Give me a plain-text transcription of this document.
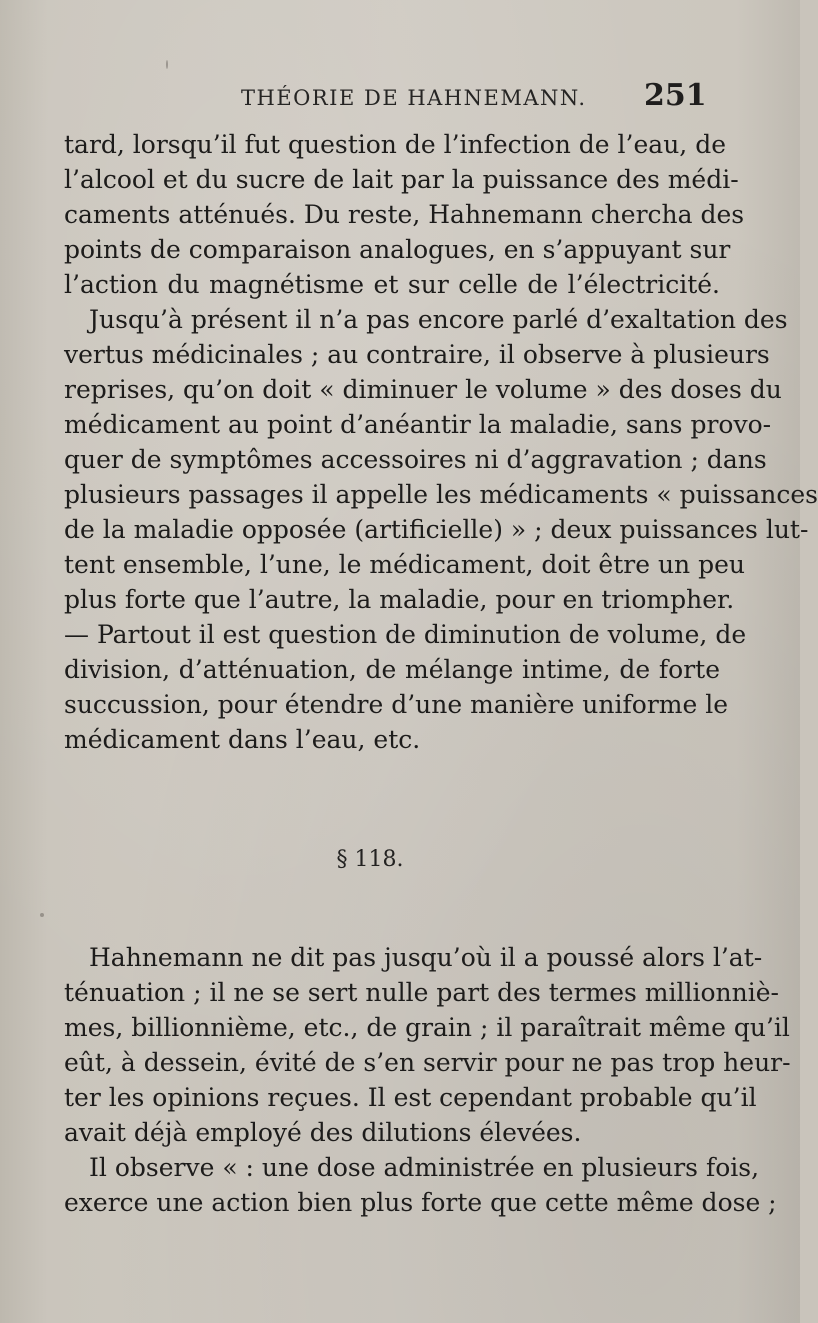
THÉORIE DE HAHNEMANN. 251
tard, lorsqu’il fut question de l’infection de l’eau, de
l’alcool et du sucre de lait par la puissance des médi-
caments atténués. Du reste, Hahnemann chercha des
points de comparaison analogues, en s’appuyant sur
l’action du magnétisme et sur celle de l’électricité.
Jusqu’à présent il n’a pas encore parlé d’exaltation des
vertus médicinales ; au contraire, il observe à plusieurs
reprises, qu’on doit « diminuer le volume » des doses du
médicament au point d’anéantir la maladie, sans provo-
quer de symptômes accessoires ni d’aggravation ; dans
plusieurs passages il appelle les médicaments « puissances
de la maladie opposée (artificielle) » ; deux puissances lut-
tent ensemble, l’une, le médicament, doit être un peu
plus forte que l’autre, la maladie, pour en triompher.
— Partout il est question de diminution de volume, de
division, d’atténuation, de mélange intime, de forte
succussion, pour étendre d’une manière uniforme le
médicament dans l’eau, etc.
§ 118.
Hahnemann ne dit pas jusqu’où il a poussé alors l’at-
ténuation ; il ne se sert nulle part des termes millionniè-
mes, billionnième, etc., de grain ; il paraîtrait même qu’il
eût, à dessein, évité de s’en servir pour ne pas trop heur-
ter les opinions reçues. Il est cependant probable qu’il
avait déjà employé des dilutions élevées.
Il observe « : une dose administrée en plusieurs fois,
exerce une action bien plus forte que cette même dose ;
